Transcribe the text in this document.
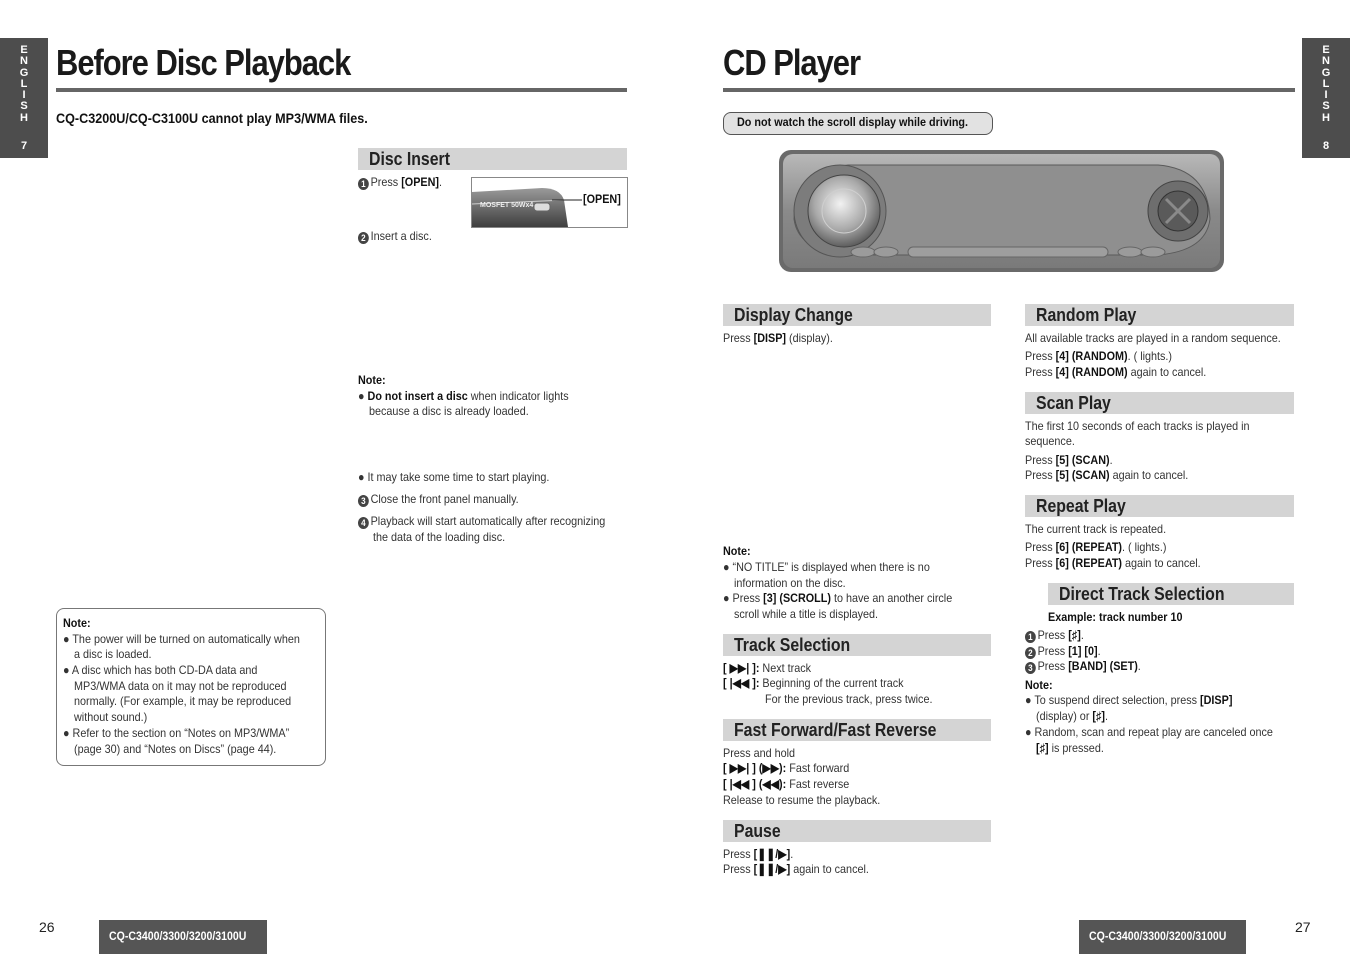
E
N
G
L
I
S
H
7
Before Disc Playback
CQ-C3200U/CQ-C3100U cannot play MP3/WMA files.
Disc Insert
1 Press [OPEN].
MOSFET 50Wx4	[OPEN]
2 Insert a disc.
Note:
● Do not insert a disc when indicator lights
because a disc is already loaded.
● It may take some time to start playing.
3 Close the front panel manually.
4 Playback will start automatically after recognizing
the data of the loading disc.
Note:
● The power will be turned on automatically when
a disc is loaded.
● A disc which has both CD-DA data and
MP3/WMA data on it may not be reproduced
normally. (For example, it may be reproduced
without sound.)
● Refer to the section on “Notes on MP3/WMA”
(page 30) and “Notes on Discs” (page 44).
26
CQ-C3400/3300/3200/3100U
E
N
G
L
I
S
H
8
CD Player
Do not watch the scroll display while driving.
Display Change
Press [DISP] (display).
Note:
● “NO TITLE” is displayed when there is no
information on the disc.
● Press [3] (SCROLL) to have an another circle
scroll while a title is displayed.
Track Selection
[ ▶▶| ]: Next track
[ |◀◀ ]: Beginning of the current track
For the previous track, press twice.
Fast Forward/Fast Reverse
Press and hold
[ ▶▶| ] (▶▶): Fast forward
[ |◀◀ ] (◀◀): Fast reverse
Release to resume the playback.
Pause
Press [❚❚/▶].
Press [❚❚/▶] again to cancel.
Random Play
All available tracks are played in a random sequence.
Press [4] (RANDOM). ( lights.)
Press [4] (RANDOM) again to cancel.
Scan Play
The first 10 seconds of each tracks is played in
sequence.
Press [5] (SCAN).
Press [5] (SCAN) again to cancel.
Repeat Play
The current track is repeated.
Press [6] (REPEAT). ( lights.)
Press [6] (REPEAT) again to cancel.
Direct Track Selection
Example: track number 10
1 Press [♯].
2 Press [1] [0].
3 Press [BAND] (SET).
Note:
● To suspend direct selection, press [DISP]
(display) or [♯].
● Random, scan and repeat play are canceled once
[♯] is pressed.
CQ-C3400/3300/3200/3100U
27
